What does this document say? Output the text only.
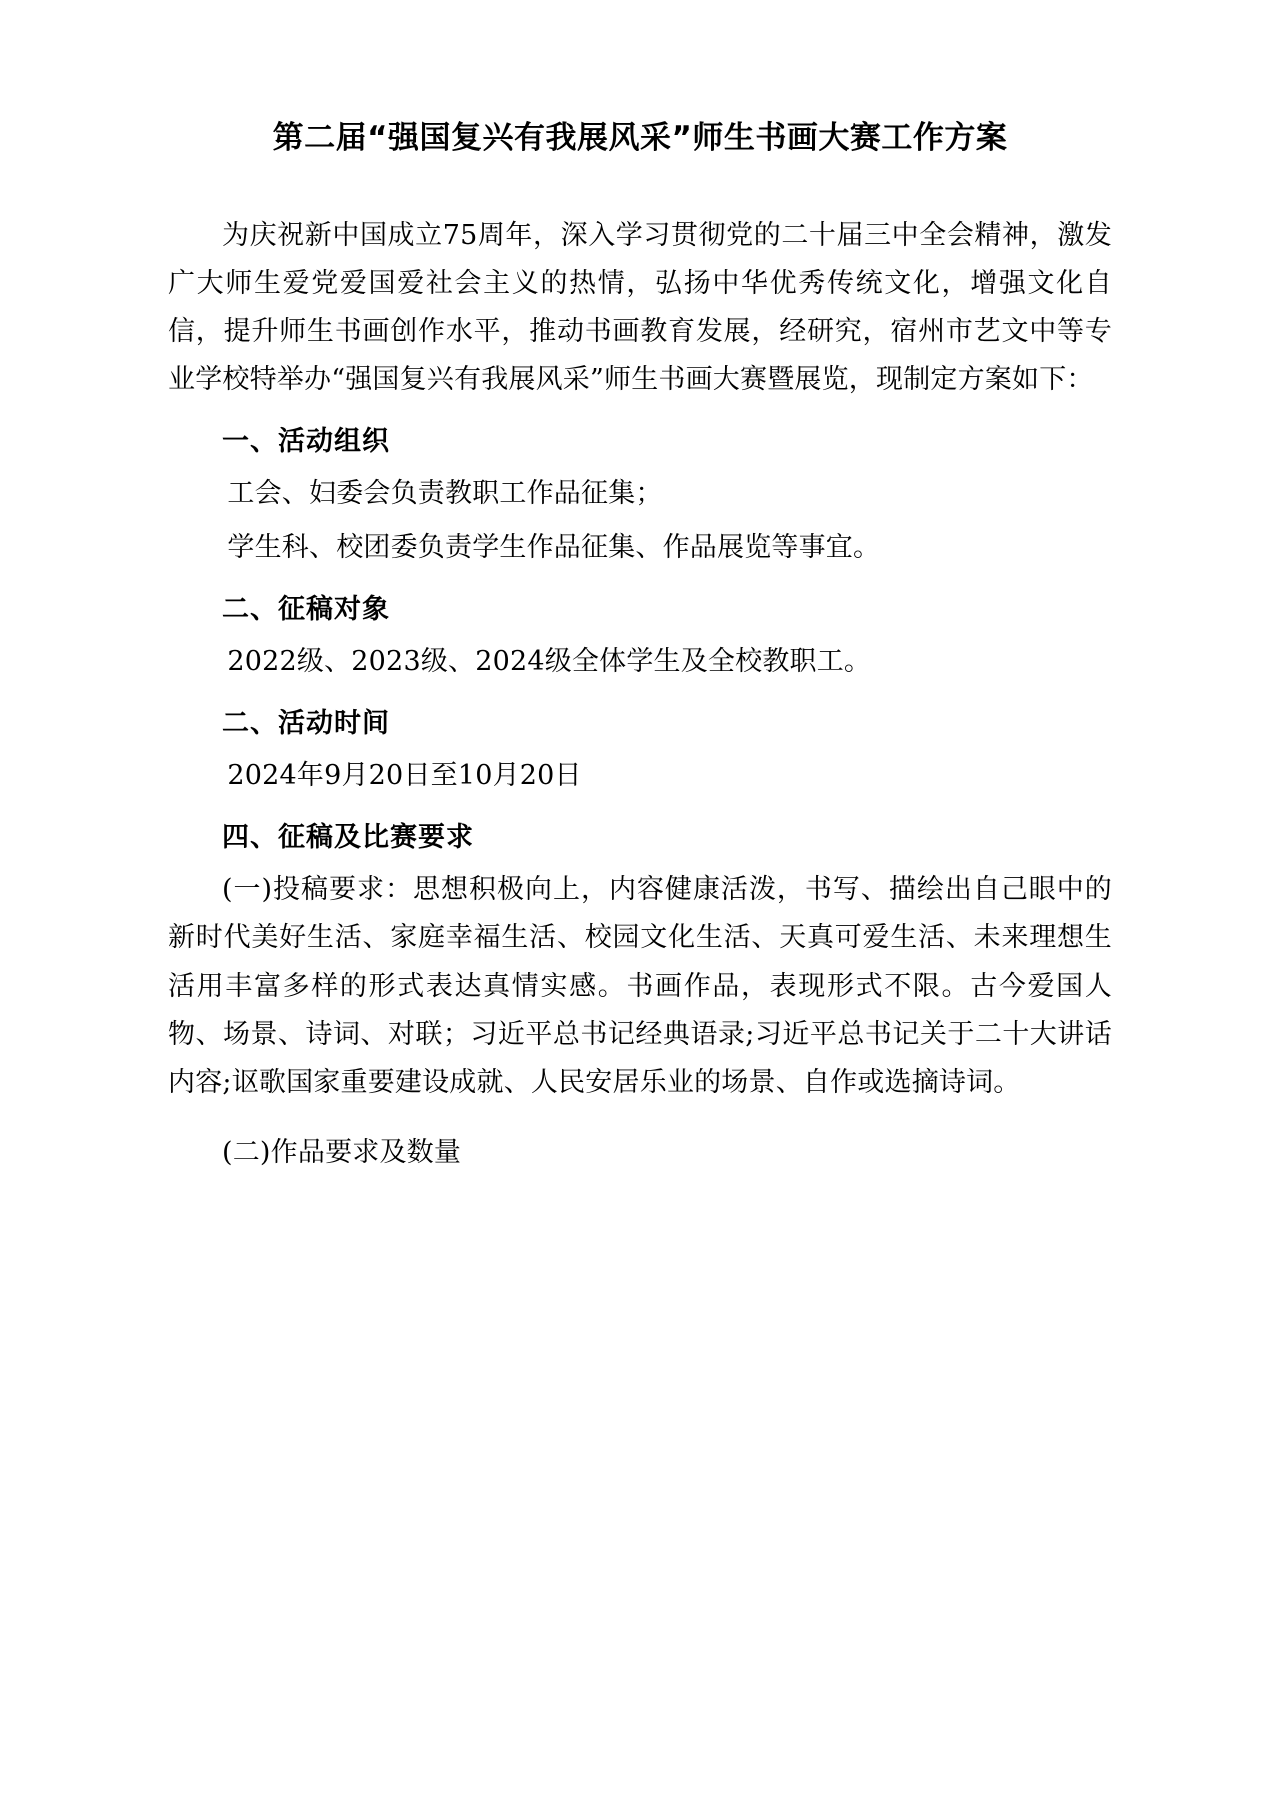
第二届“强国复兴有我展风采”师生书画大赛工作方案

为庆祝新中国成立75周年，深入学习贯彻党的二十届三中全会精神，激发广大师生爱党爱国爱社会主义的热情，弘扬中华优秀传统文化，增强文化自信，提升师生书画创作水平，推动书画教育发展，经研究，宿州市艺文中等专业学校特举办“强国复兴有我展风采”师生书画大赛暨展览，现制定方案如下：

一、活动组织

工会、妇委会负责教职工作品征集；

学生科、校团委负责学生作品征集、作品展览等事宜。

二、征稿对象

2022级、2023级、2024级全体学生及全校教职工。

二、活动时间

2024年9月20日至10月20日

四、征稿及比赛要求

(一)投稿要求：思想积极向上，内容健康活泼，书写、描绘出自己眼中的新时代美好生活、家庭幸福生活、校园文化生活、天真可爱生活、未来理想生活用丰富多样的形式表达真情实感。书画作品，表现形式不限。古今爱国人物、场景、诗词、对联；习近平总书记经典语录;习近平总书记关于二十大讲话内容;讴歌国家重要建设成就、人民安居乐业的场景、自作或选摘诗词。

(二)作品要求及数量
